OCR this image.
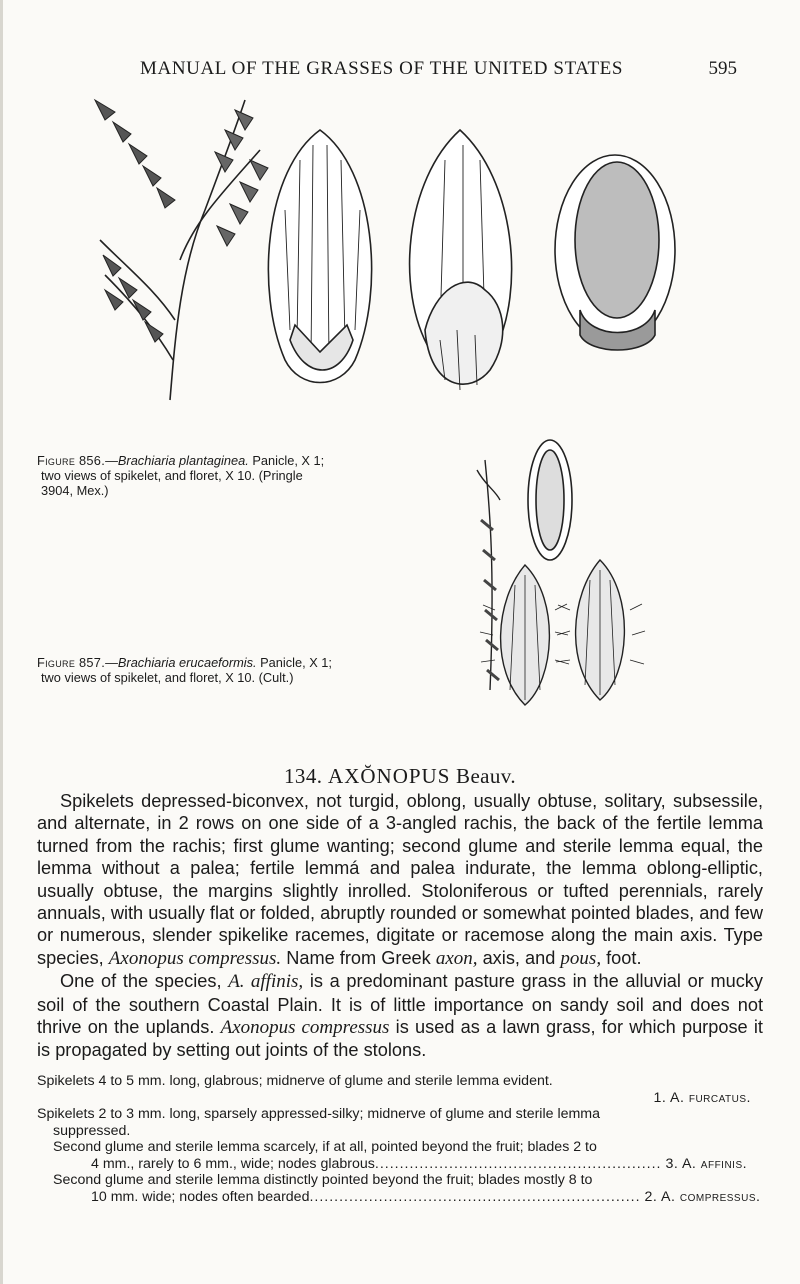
MANUAL OF THE GRASSES OF THE UNITED STATES	595
Figure 856.—Brachiaria plantaginea. Panicle, X 1;
two views of spikelet, and floret, X 10. (Pringle
3904, Mex.)
Figure 857.—Brachiaria erucaeformis. Panicle, X 1;
two views of spikelet, and floret, X 10. (Cult.)
134. AXŎNOPUS Beauv.

Spikelets depressed-biconvex, not turgid, oblong, usually obtuse, solitary, subsessile, and alternate, in 2 rows on one side of a 3-angled rachis, the back of the fertile lemma turned from the rachis; first glume wanting; second glume and sterile lemma equal, the lemma without a palea; fertile lemmá and palea indurate, the lemma oblong-elliptic, usually obtuse, the margins slightly inrolled. Stoloniferous or tufted perennials, rarely annuals, with usually flat or folded, abruptly rounded or somewhat pointed blades, and few or numerous, slender spikelike racemes, digitate or racemose along the main axis. Type species, Axonopus compressus. Name from Greek axon, axis, and pous, foot.

One of the species, A. affinis, is a predominant pasture grass in the alluvial or mucky soil of the southern Coastal Plain. It is of little importance on sandy soil and does not thrive on the uplands. Axonopus compressus is used as a lawn grass, for which purpose it is propagated by setting out joints of the stolons.

Spikelets 4 to 5 mm. long, glabrous; midnerve of glume and sterile lemma evident.
1. A. furcatus.
Spikelets 2 to 3 mm. long, sparsely appressed-silky; midnerve of glume and sterile lemma
suppressed.
Second glume and sterile lemma scarcely, if at all, pointed beyond the fruit; blades 2 to
4 mm., rarely to 6 mm., wide; nodes glabrous.......................................................... 3. A. affinis.
Second glume and sterile lemma distinctly pointed beyond the fruit; blades mostly 8 to
10 mm. wide; nodes often bearded................................................................... 2. A. compressus.
